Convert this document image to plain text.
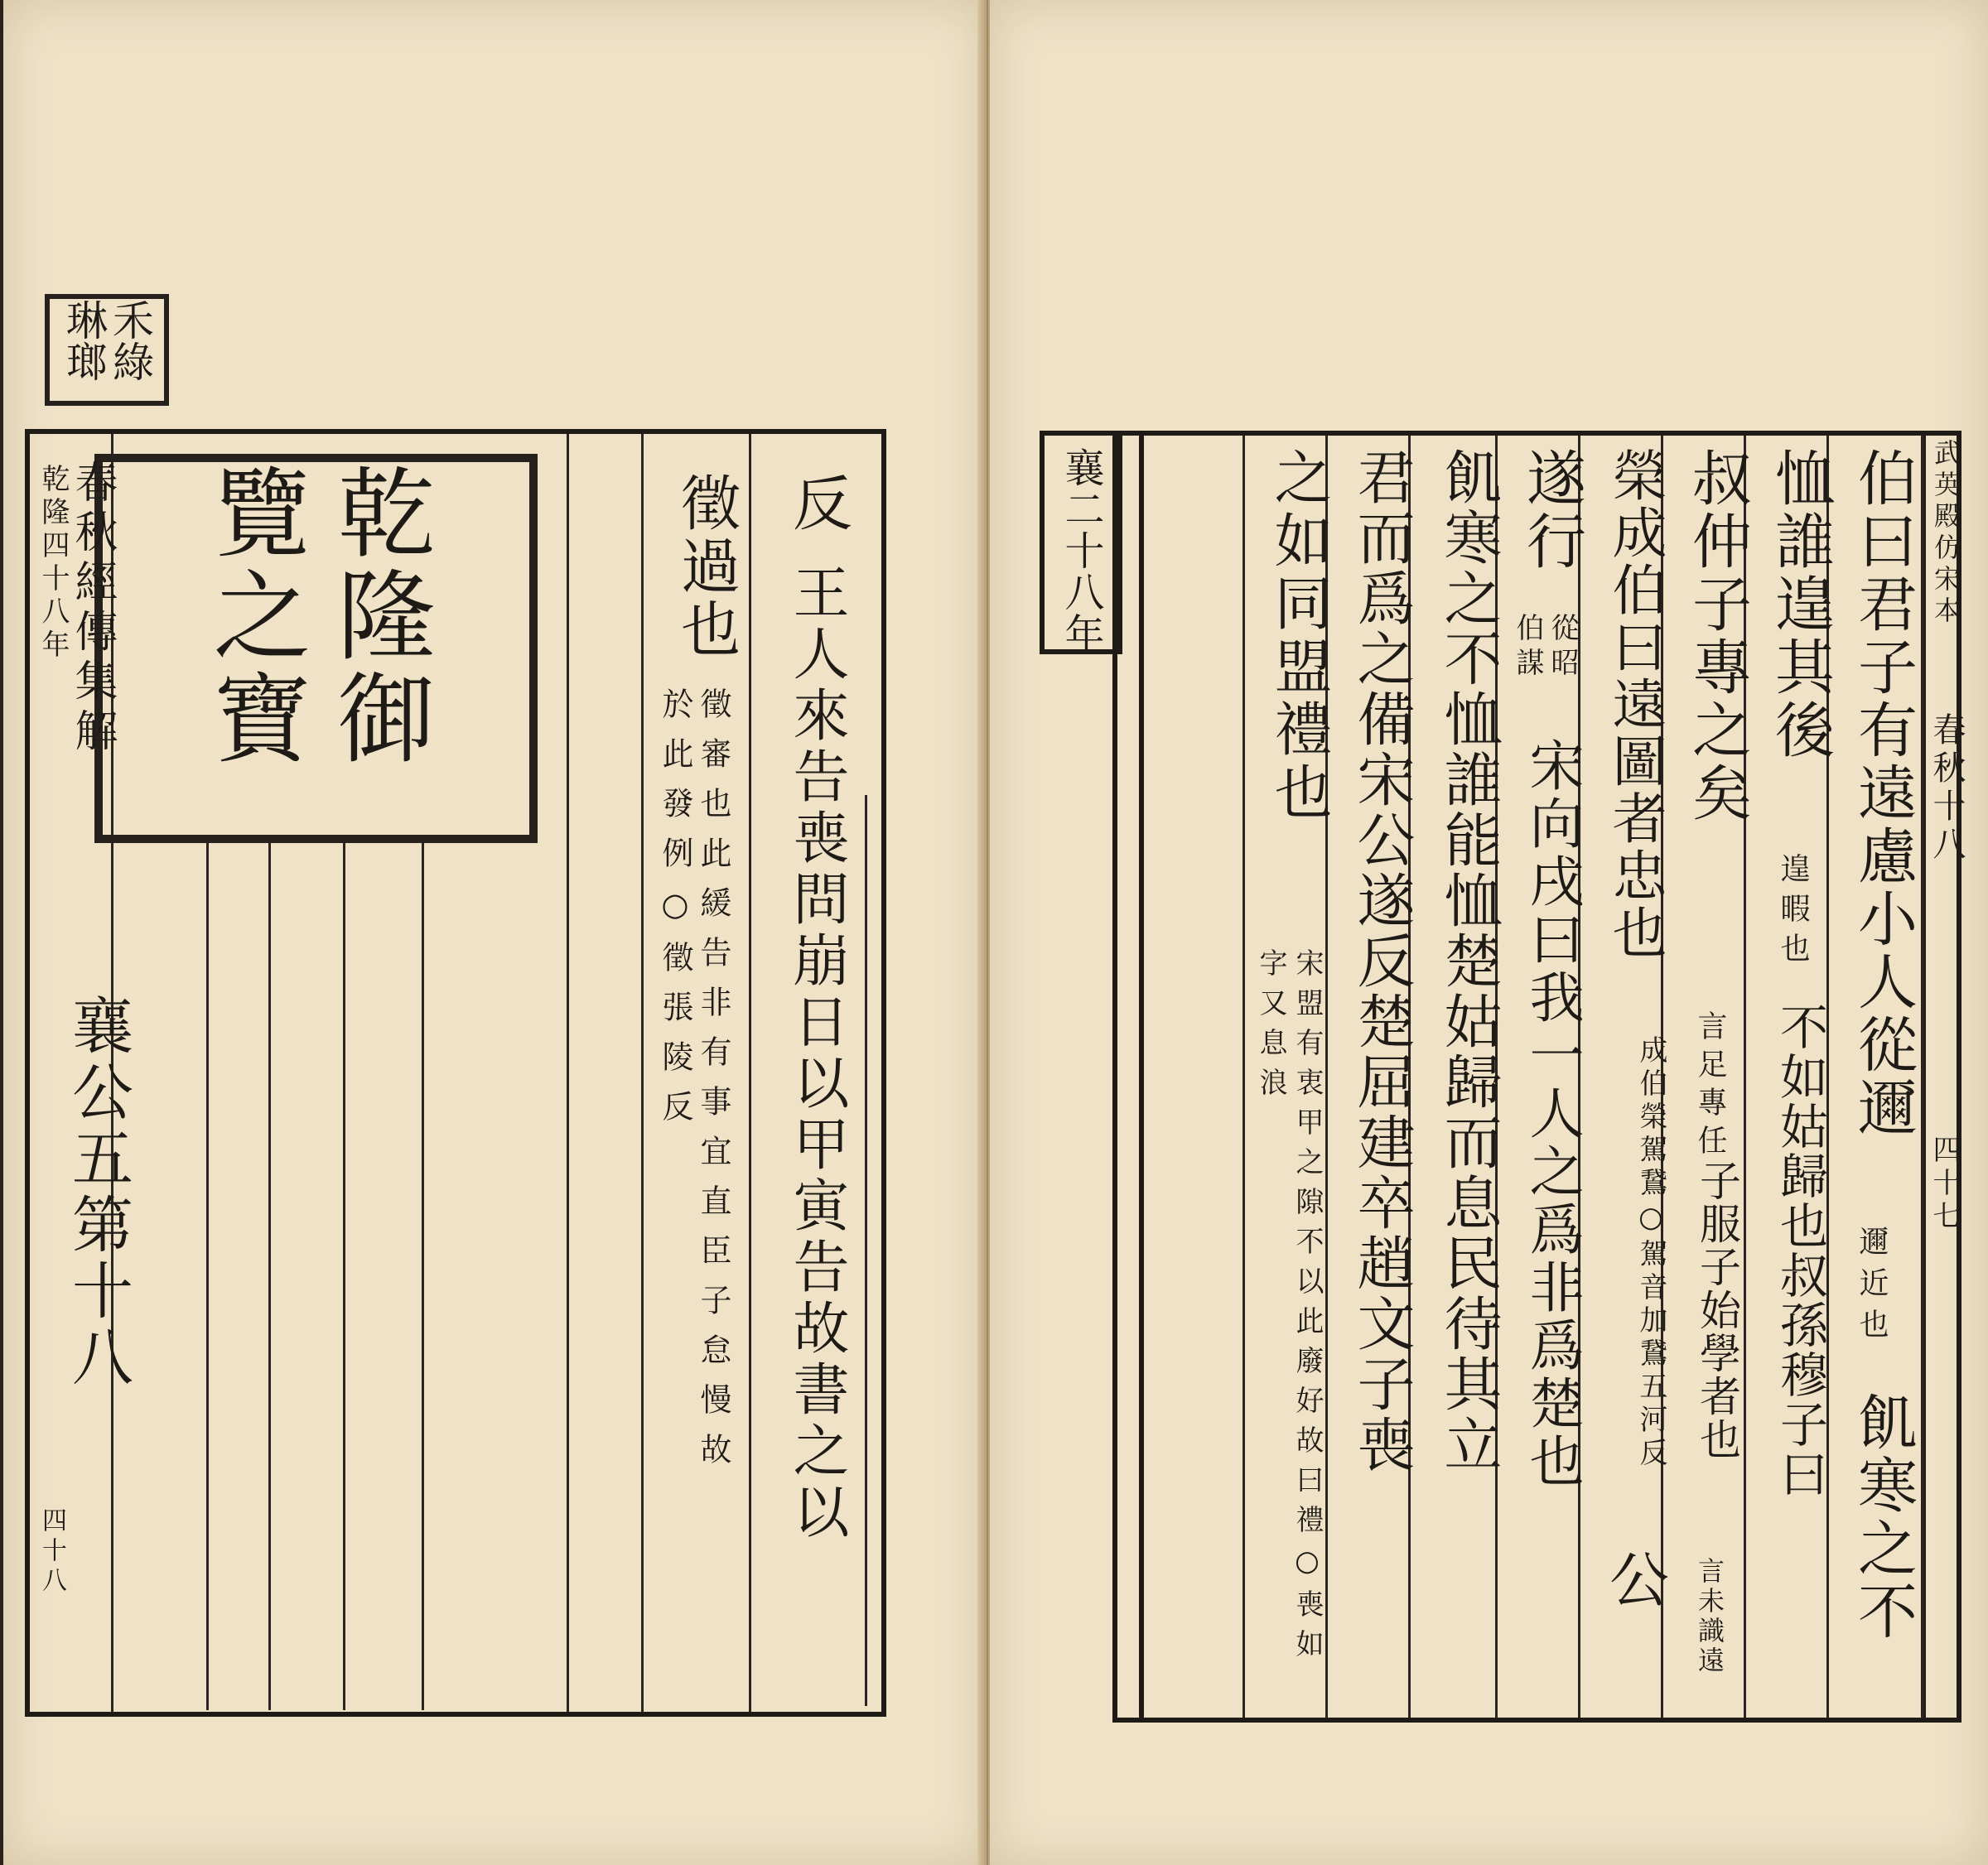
禾綠琳瑯
乾隆御覽之寶
乾隆四十八年
春秋經傳集解
襄公五第十八
四十八
反
王人來告喪問崩日以甲寅告故書之以
徵過也
徵審也此緩告非有事宜直臣子怠慢故於此發例○徵張陵反
襄二十八年	武英殿仿宋本
春秋十八
四十七
伯曰君子有遠慮小人從邇
邇近也
飢寒之不
恤誰遑其後
遑暇也
不如姑歸也叔孫穆子曰
叔仲子專之矣
言足專任
子服子始學者也
言未識遠
榮成伯曰遠圖者忠也
成伯榮駕鵞○駕音加鵞五河反
公
遂行
從昭伯謀
宋向戌曰我一人之爲非爲楚也
飢寒之不恤誰能恤楚姑歸而息民待其立
君而爲之備宋公遂反楚屈建卒趙文子喪
之如同盟禮也
宋盟有衷甲之隙不以此廢好故曰禮○喪如字又息浪
